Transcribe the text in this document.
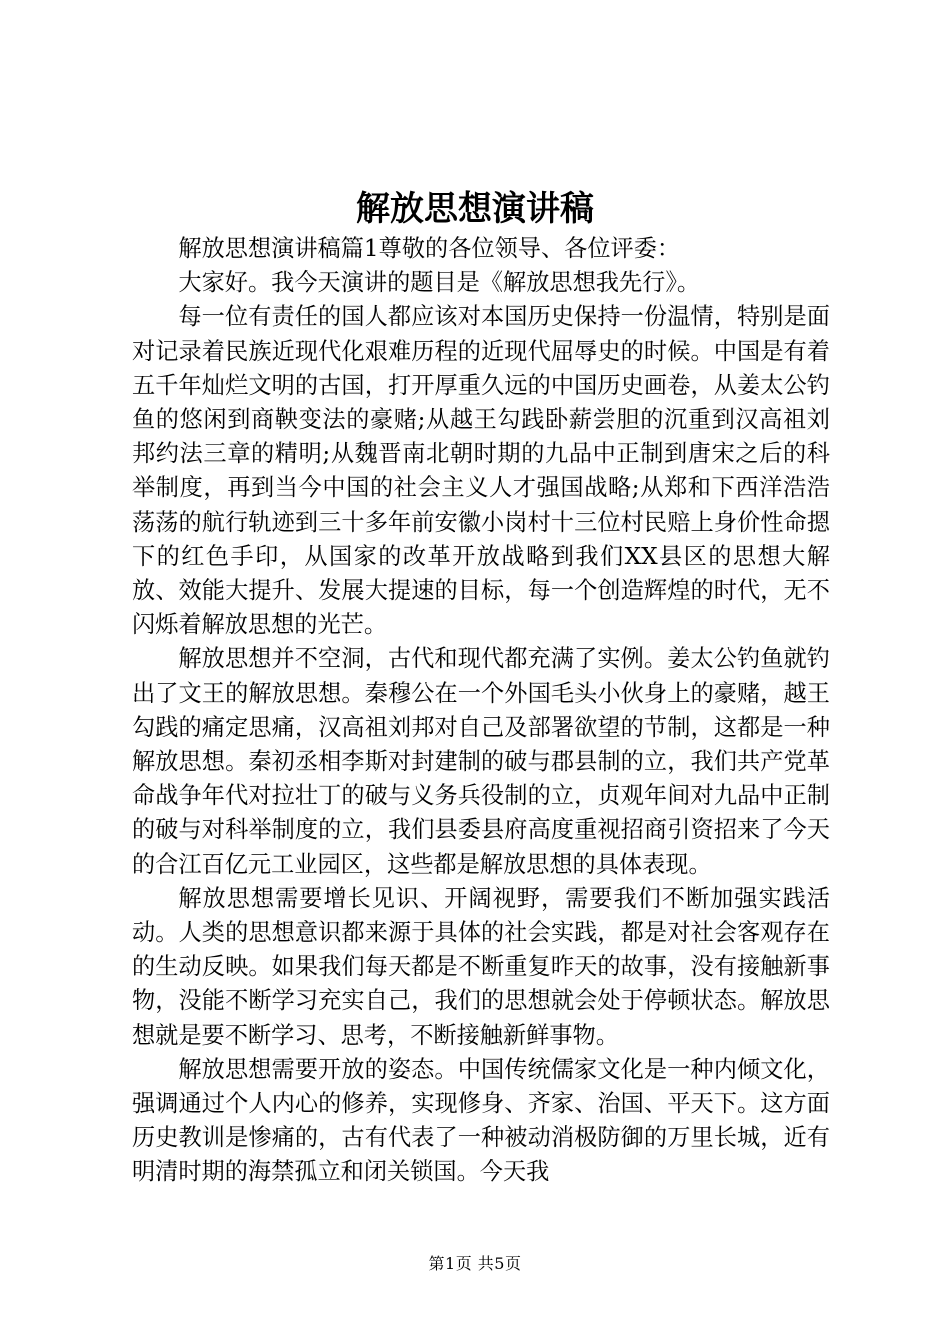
解放思想演讲稿

解放思想演讲稿篇1尊敬的各位领导、各位评委：

大家好。我今天演讲的题目是《解放思想我先行》。

每一位有责任的国人都应该对本国历史保持一份温情，特别是面对记录着民族近现代化艰难历程的近现代屈辱史的时候。中国是有着五千年灿烂文明的古国，打开厚重久远的中国历史画卷，从姜太公钓鱼的悠闲到商鞅变法的豪赌;从越王勾践卧薪尝胆的沉重到汉高祖刘邦约法三章的精明;从魏晋南北朝时期的九品中正制到唐宋之后的科举制度，再到当今中国的社会主义人才强国战略;从郑和下西洋浩浩荡荡的航行轨迹到三十多年前安徽小岗村十三位村民赔上身价性命摁下的红色手印，从国家的改革开放战略到我们XX县区的思想大解放、效能大提升、发展大提速的目标，每一个创造辉煌的时代，无不闪烁着解放思想的光芒。

解放思想并不空洞，古代和现代都充满了实例。姜太公钓鱼就钓出了文王的解放思想。秦穆公在一个外国毛头小伙身上的豪赌，越王勾践的痛定思痛，汉高祖刘邦对自己及部署欲望的节制，这都是一种解放思想。秦初丞相李斯对封建制的破与郡县制的立，我们共产党革命战争年代对拉壮丁的破与义务兵役制的立，贞观年间对九品中正制的破与对科举制度的立，我们县委县府高度重视招商引资招来了今天的合江百亿元工业园区，这些都是解放思想的具体表现。

解放思想需要增长见识、开阔视野，需要我们不断加强实践活动。人类的思想意识都来源于具体的社会实践，都是对社会客观存在的生动反映。如果我们每天都是不断重复昨天的故事，没有接触新事物，没能不断学习充实自己，我们的思想就会处于停顿状态。解放思想就是要不断学习、思考，不断接触新鲜事物。

解放思想需要开放的姿态。中国传统儒家文化是一种内倾文化，强调通过个人内心的修养，实现修身、齐家、治国、平天下。这方面历史教训是惨痛的，古有代表了一种被动消极防御的万里长城，近有明清时期的海禁孤立和闭关锁国。今天我

第1页 共5页
